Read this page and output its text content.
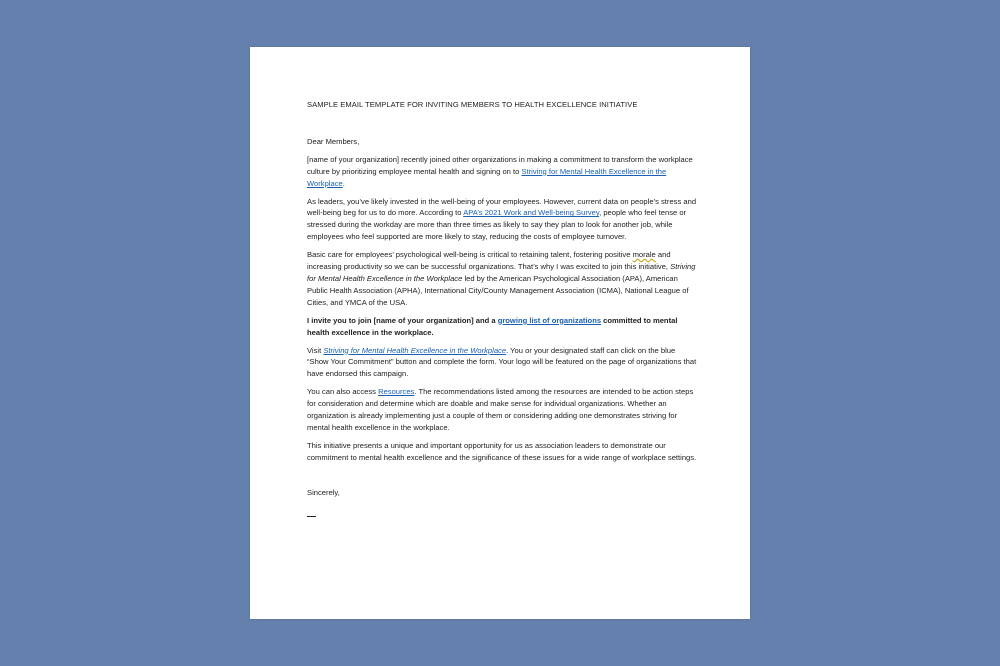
SAMPLE EMAIL TEMPLATE FOR INVITING MEMBERS TO HEALTH EXCELLENCE INITIATIVE

Dear Members,

[name of your organization] recently joined other organizations in making a commitment to transform the workplace culture by prioritizing employee mental health and signing on to Striving for Mental Health Excellence in the Workplace.

As leaders, you’ve likely invested in the well-being of your employees. However, current data on people’s stress and well-being beg for us to do more. According to APA’s 2021 Work and Well-being Survey, people who feel tense or stressed during the workday are more than three times as likely to say they plan to look for another job, while employees who feel supported are more likely to stay, reducing the costs of employee turnover.

Basic care for employees’ psychological well-being is critical to retaining talent, fostering positive morale and increasing productivity so we can be successful organizations. That’s why I was excited to join this initiative, Striving for Mental Health Excellence in the Workplace led by the American Psychological Association (APA), American Public Health Association (APHA), International City/County Management Association (ICMA), National League of Cities, and YMCA of the USA.

I invite you to join [name of your organization] and a growing list of organizations committed to mental health excellence in the workplace.

Visit Striving for Mental Health Excellence in the Workplace. You or your designated staff can click on the blue “Show Your Commitment” button and complete the form. Your logo will be featured on the page of organizations that have endorsed this campaign.

You can also access Resources. The recommendations listed among the resources are intended to be action steps for consideration and determine which are doable and make sense for individual organizations. Whether an organization is already implementing just a couple of them or considering adding one demonstrates striving for mental health excellence in the workplace.

This initiative presents a unique and important opportunity for us as association leaders to demonstrate our commitment to mental health excellence and the significance of these issues for a wide range of workplace settings.

Sincerely,
